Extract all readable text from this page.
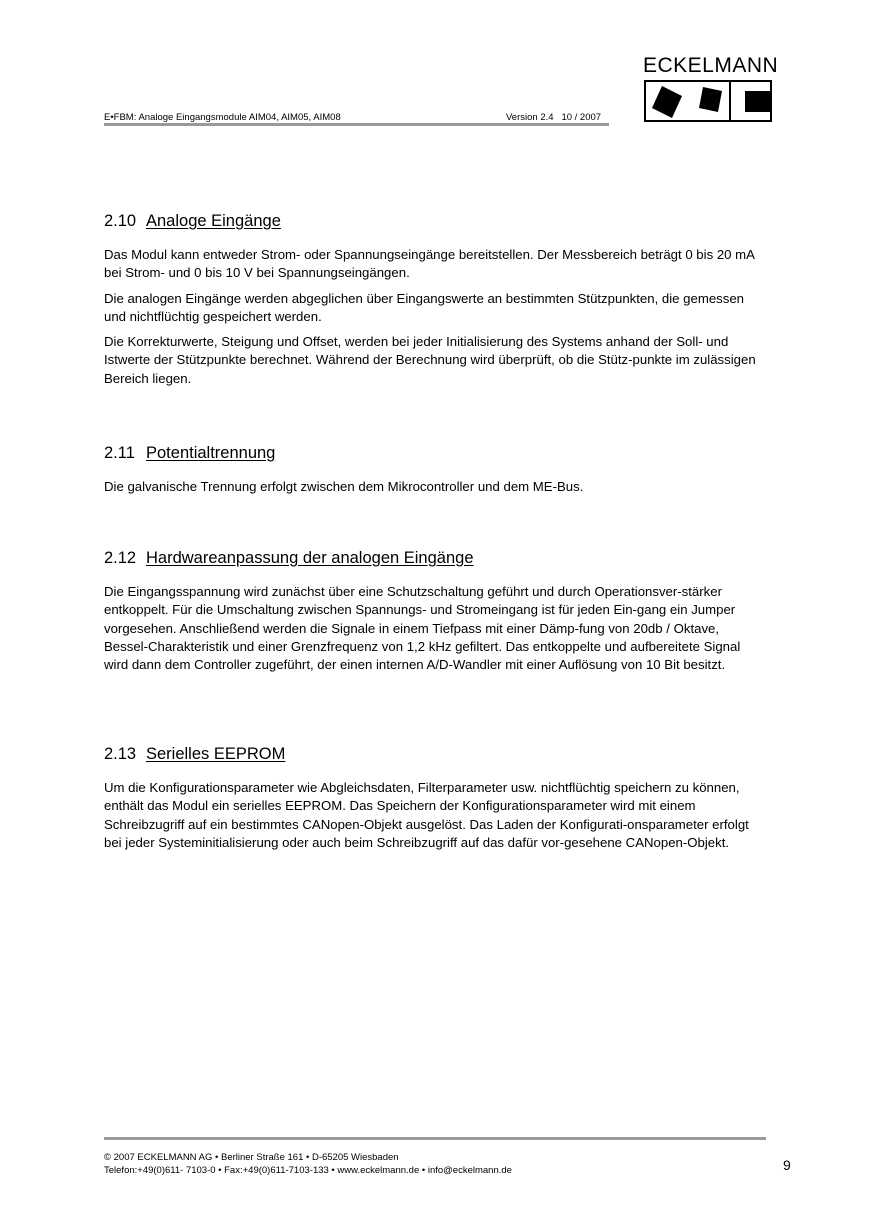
E•FBM: Analoge Eingangsmodule AIM04, AIM05, AIM08	Version 2.4   10 / 2007
ECKELMANN
2.10 Analoge Eingänge

Das Modul kann entweder Strom- oder Spannungseingänge bereitstellen. Der Messbereich beträgt 0 bis 20 mA bei Strom- und 0 bis 10 V bei Spannungseingängen.

Die analogen Eingänge werden abgeglichen über Eingangswerte an bestimmten Stützpunkten, die gemessen und nichtflüchtig gespeichert werden.

Die Korrekturwerte, Steigung und Offset, werden bei jeder Initialisierung des Systems anhand der Soll- und Istwerte der Stützpunkte berechnet. Während der Berechnung wird überprüft, ob die Stütz-punkte im zulässigen Bereich liegen.

2.11 Potentialtrennung

Die galvanische Trennung erfolgt zwischen dem Mikrocontroller und dem ME-Bus.

2.12 Hardwareanpassung der analogen Eingänge

Die Eingangsspannung wird zunächst über eine Schutzschaltung geführt und durch Operationsver-stärker entkoppelt. Für die Umschaltung zwischen Spannungs- und Stromeingang ist für jeden Ein-gang ein Jumper vorgesehen. Anschließend werden die Signale in einem Tiefpass mit einer Dämp-fung von 20db / Oktave, Bessel-Charakteristik und einer Grenzfrequenz von 1,2 kHz gefiltert. Das entkoppelte und aufbereitete Signal wird dann dem Controller zugeführt, der einen internen A/D-Wandler mit einer Auflösung von 10 Bit besitzt.

2.13 Serielles EEPROM

Um die Konfigurationsparameter wie Abgleichsdaten, Filterparameter usw. nichtflüchtig speichern zu können, enthält das Modul ein serielles EEPROM. Das Speichern der Konfigurationsparameter wird mit einem Schreibzugriff auf ein bestimmtes CANopen-Objekt ausgelöst. Das Laden der Konfigurati-onsparameter erfolgt bei jeder Systeminitialisierung oder auch beim Schreibzugriff auf das dafür vor-gesehene CANopen-Objekt.

© 2007 ECKELMANN AG • Berliner Straße 161 • D-65205 Wiesbaden
Telefon:+49(0)611- 7103-0 • Fax:+49(0)611-7103-133 • www.eckelmann.de • info@eckelmann.de	9
